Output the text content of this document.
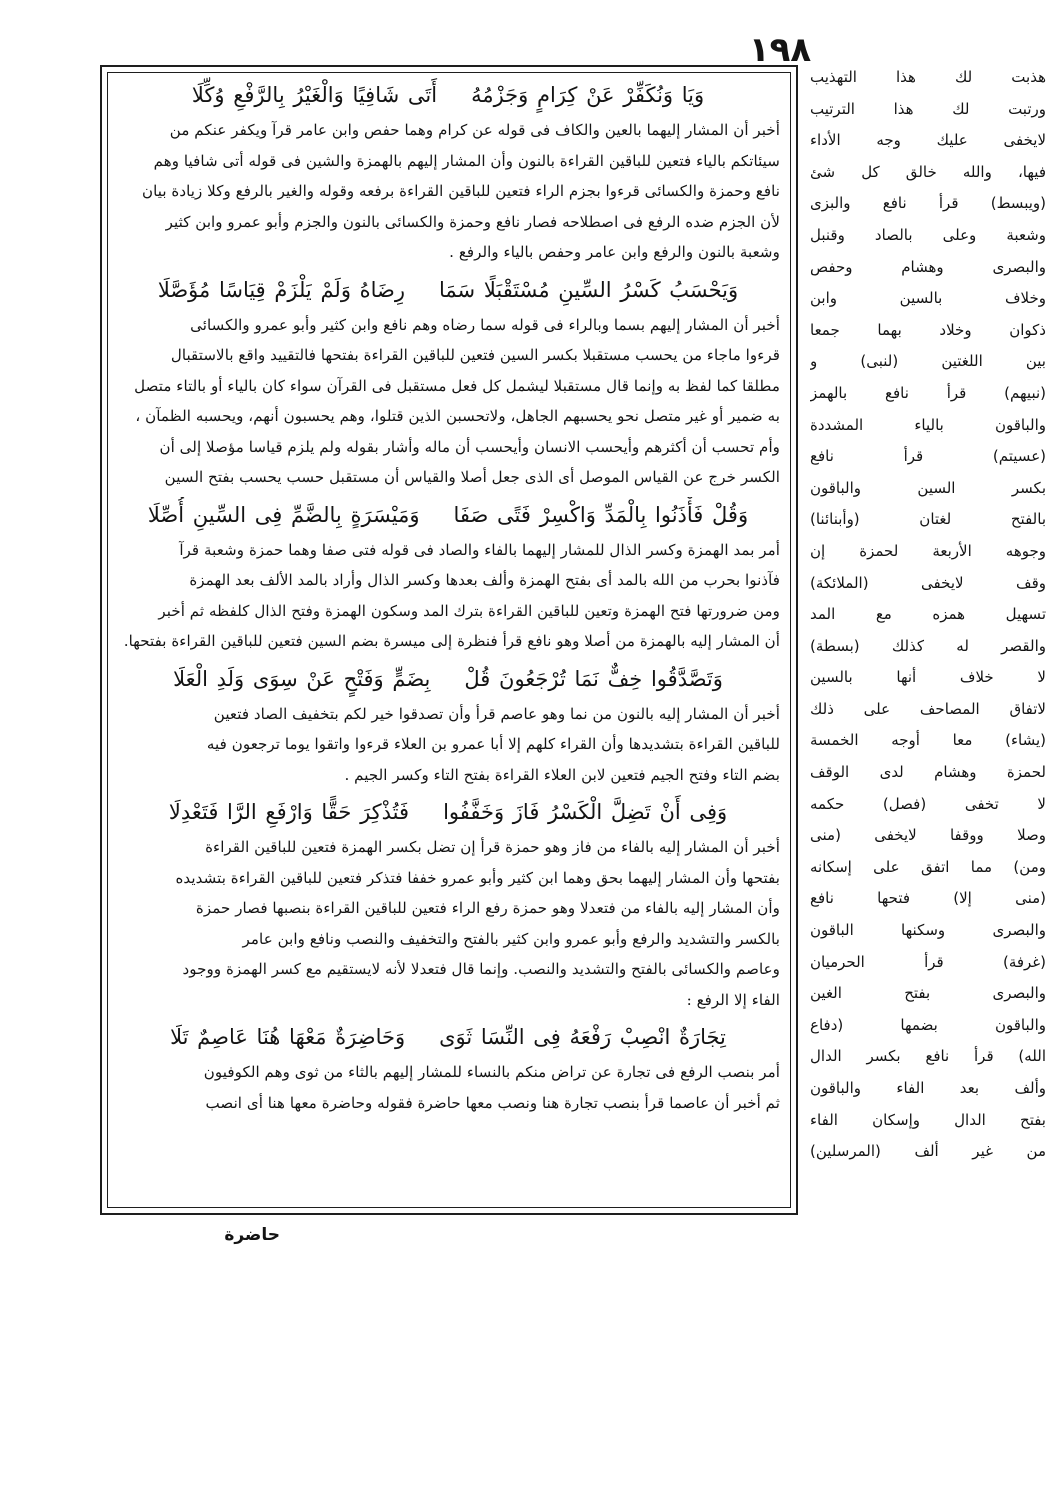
١٩٨
وَيَا وَنُكَفِّرْ عَنْ كِرَامٍ وَجَزْمُهُأَتَى شَافِيًا وَالْغَيْرُ بِالرَّفْعِ وُكِّلَا
أخبر أن المشار إليهما بالعين والكاف فى قوله عن كرام وهما حفص وابن عامر قرآ ويكفر عنكم من
سيئاتكم بالياء فتعين للباقين القراءة بالنون وأن المشار إليهم بالهمزة والشين فى قوله أتى شافيا وهم
نافع وحمزة والكسائى قرءوا بجزم الراء فتعين للباقين القراءة برفعه وقوله والغير بالرفع وكلا زيادة بيان
لأن الجزم ضده الرفع فى اصطلاحه فصار نافع وحمزة والكسائى بالنون والجزم وأبو عمرو وابن كثير
وشعبة بالنون والرفع وابن عامر وحفص بالياء والرفع .
وَيَحْسَبُ كَسْرُ السِّينِ مُسْتَقْبَلًا سَمَارِضَاهُ وَلَمْ يَلْزَمْ قِيَاسًا مُؤَصَّلَا
أخبر أن المشار إليهم بسما وبالراء فى قوله سما رضاه وهم نافع وابن كثير وأبو عمرو والكسائى
قرءوا ماجاء من يحسب مستقبلا بكسر السين فتعين للباقين القراءة بفتحها فالتقييد واقع بالاستقبال
مطلقا كما لفظ به وإنما قال مستقبلا ليشمل كل فعل مستقبل فى القرآن سواء كان بالياء أو بالتاء متصل
به ضمير أو غير متصل نحو يحسبهم الجاهل، ولاتحسبن الذين قتلوا، وهم يحسبون أنهم، ويحسبه الظمآن ،
وأم تحسب أن أكثرهم وأيحسب الانسان وأيحسب أن ماله وأشار بقوله ولم يلزم قياسا مؤصلا إلى أن
الكسر خرج عن القياس الموصل أى الذى جعل أصلا والقياس أن مستقبل حسب يحسب بفتح السين
وَقُلْ فَأْذَنُوا بِالْمَدِّ وَاكْسِرْ فَتًى صَفَاوَمَيْسَرَةٍ بِالضَّمِّ فِى السِّينِ أُصِّلَا
أمر بمد الهمزة وكسر الذال للمشار إليهما بالفاء والصاد فى قوله فتى صفا وهما حمزة وشعبة قرآ
فآذنوا بحرب من الله بالمد أى بفتح الهمزة وألف بعدها وكسر الذال وأراد بالمد الألف بعد الهمزة
ومن ضرورتها فتح الهمزة وتعين للباقين القراءة بترك المد وسكون الهمزة وفتح الذال كلفظه ثم أخبر
أن المشار إليه بالهمزة من أصلا وهو نافع قرأ فنظرة إلى ميسرة بضم السين فتعين للباقين القراءة بفتحها.
وَتَصَّدَّقُوا خِفٌّ نَمَا تُرْجَعُونَ قُلْبِضَمٍّ وَفَتْحٍ عَنْ سِوَى وَلَدِ الْعَلَا
أخبر أن المشار إليه بالنون من نما وهو عاصم قرأ وأن تصدقوا خير لكم بتخفيف الصاد فتعين
للباقين القراءة بتشديدها وأن القراء كلهم إلا أبا عمرو بن العلاء قرءوا واتقوا يوما ترجعون فيه
بضم التاء وفتح الجيم فتعين لابن العلاء القراءة بفتح التاء وكسر الجيم .
وَفِى أَنْ تَضِلَّ الْكَسْرُ فَازَ وَخَفَّفُوافَتُذْكِرَ حَقًّا وَارْفَعِ الرَّا فَتَعْدِلَا
أخبر أن المشار إليه بالفاء من فاز وهو حمزة قرأ إن تضل بكسر الهمزة فتعين للباقين القراءة
بفتحها وأن المشار إليهما بحق وهما ابن كثير وأبو عمرو خففا فتذكر فتعين للباقين القراءة بتشديده
وأن المشار إليه بالفاء من فتعدلا وهو حمزة رفع الراء فتعين للباقين القراءة بنصبها فصار حمزة
بالكسر والتشديد والرفع وأبو عمرو وابن كثير بالفتح والتخفيف والنصب ونافع وابن عامر
وعاصم والكسائى بالفتح والتشديد والنصب. وإنما قال فتعدلا لأنه لايستقيم مع كسر الهمزة ووجود
الفاء إلا الرفع :
تِجَارَةٌ انْصِبْ رَفْعَهُ فِى النِّسَا ثَوَىوَحَاضِرَةٌ مَعْهَا هُنَا عَاصِمٌ تَلَا
أمر بنصب الرفع فى تجارة عن تراض منكم بالنساء للمشار إليهم بالثاء من ثوى وهم الكوفيون
ثم أخبر أن عاصما قرأ بنصب تجارة هنا ونصب معها حاضرة فقوله وحاضرة معها هنا أى انصب
هذبت لك هذا التهذيب
ورتبت لك هذا الترتيب
لايخفى عليك وجه الأداء
فيها، والله خالق كل شئ
(ويبسط) قرأ نافع والبزى
وشعبة وعلى بالصاد وقنبل
والبصرى وهشام وحفص
وخلاف بالسين وابن
ذكوان وخلاد بهما جمعا
بين اللغتين (لنبى) و
(نبيهم) قرأ نافع بالهمز
والباقون بالياء المشددة
(عسيتم) قرأ نافع
بكسر السين والباقون
بالفتح لغتان (وأبنائنا)
وجوهه الأربعة لحمزة إن
وقف لايخفى (الملائكة)
تسهيل همزه مع المد
والقصر له كذلك (بسطة)
لا خلاف أنها بالسين
لاتفاق المصاحف على ذلك
(يشاء) معا أوجه الخمسة
لحمزة وهشام لدى الوقف
لا تخفى (فصل) حكمه
وصلا ووقفا لايخفى (منى
ومن) مما اتفق على إسكانه
(منى إلا) فتحها نافع
والبصرى وسكنها الباقون
(غرفة) قرأ الحرميان
والبصرى بفتح الغين
والباقون بضمها (دفاع
الله) قرأ نافع بكسر الدال
وألف بعد الفاء والباقون
بفتح الدال وإسكان الفاء
من غير ألف (المرسلين)
حاضرة
